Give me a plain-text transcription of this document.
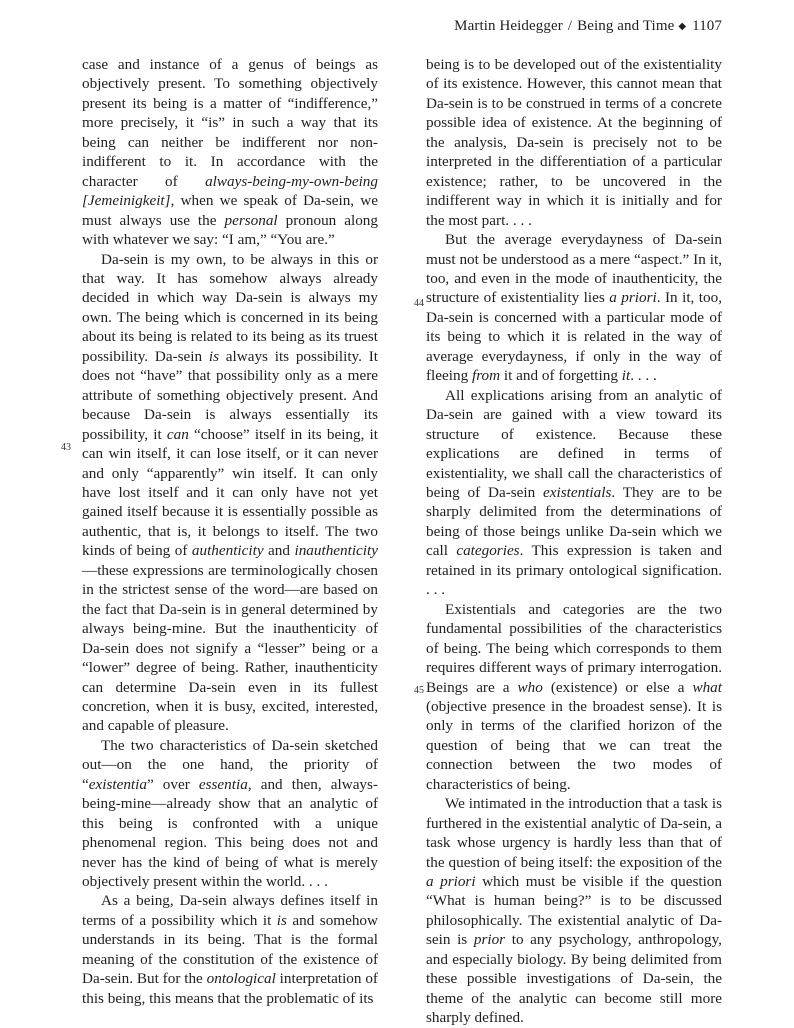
Martin Heidegger / Being and Time ◆ 1107
43
44
45

case and instance of a genus of beings as objectively present. To something objectively present its being is a matter of “indifference,” more precisely, it “is” in such a way that its being can neither be indifferent nor non-indifferent to it. In accordance with the character of always-being-my-own-being [Jemeinigkeit], when we speak of Da-sein, we must always use the personal pronoun along with whatever we say: “I am,” “You are.”

Da-sein is my own, to be always in this or that way. It has somehow always already decided in which way Da-sein is always my own. The being which is concerned in its being about its being is related to its being as its truest possibility. Da-sein is always its possibility. It does not “have” that possibility only as a mere attribute of something objectively present. And because Da-sein is always essentially its possibility, it can “choose” itself in its being, it can win itself, it can lose itself, or it can never and only “apparently” win itself. It can only have lost itself and it can only have not yet gained itself because it is essentially possible as authentic, that is, it belongs to itself. The two kinds of being of authenticity and inauthenticity—these expressions are terminologically chosen in the strictest sense of the word—are based on the fact that Da-sein is in general determined by always being-mine. But the inauthenticity of Da-sein does not signify a “lesser” being or a “lower” degree of being. Rather, inauthenticity can determine Da-sein even in its fullest concretion, when it is busy, excited, interested, and capable of pleasure.

The two characteristics of Da-sein sketched out—on the one hand, the priority of “existentia” over essentia, and then, always-being-mine—already show that an analytic of this being is confronted with a unique phenomenal region. This being does not and never has the kind of being of what is merely objectively present within the world. . . .

As a being, Da-sein always defines itself in terms of a possibility which it is and somehow understands in its being. That is the formal meaning of the constitution of the existence of Da-sein. But for the ontological interpretation of this being, this means that the problematic of its

being is to be developed out of the existentiality of its existence. However, this cannot mean that Da-sein is to be construed in terms of a concrete possible idea of existence. At the beginning of the analysis, Da-sein is precisely not to be interpreted in the differentiation of a particular existence; rather, to be uncovered in the indifferent way in which it is initially and for the most part. . . .

But the average everydayness of Da-sein must not be understood as a mere “aspect.” In it, too, and even in the mode of inauthenticity, the structure of existentiality lies a priori. In it, too, Da-sein is concerned with a particular mode of its being to which it is related in the way of average everydayness, if only in the way of fleeing from it and of forgetting it. . . .

All explications arising from an analytic of Da-sein are gained with a view toward its structure of existence. Because these explications are defined in terms of existentiality, we shall call the characteristics of being of Da-sein existentials. They are to be sharply delimited from the determinations of being of those beings unlike Da-sein which we call categories. This expression is taken and retained in its primary ontological signification. . . .

Existentials and categories are the two fundamental possibilities of the characteristics of being. The being which corresponds to them requires different ways of primary interrogation. Beings are a who (existence) or else a what (objective presence in the broadest sense). It is only in terms of the clarified horizon of the question of being that we can treat the connection between the two modes of characteristics of being.

We intimated in the introduction that a task is furthered in the existential analytic of Da-sein, a task whose urgency is hardly less than that of the question of being itself: the exposition of the a priori which must be visible if the question “What is human being?” is to be discussed philosophically. The existential analytic of Da-sein is prior to any psychology, anthropology, and especially biology. By being delimited from these possible investigations of Da-sein, the theme of the analytic can become still more sharply defined.
